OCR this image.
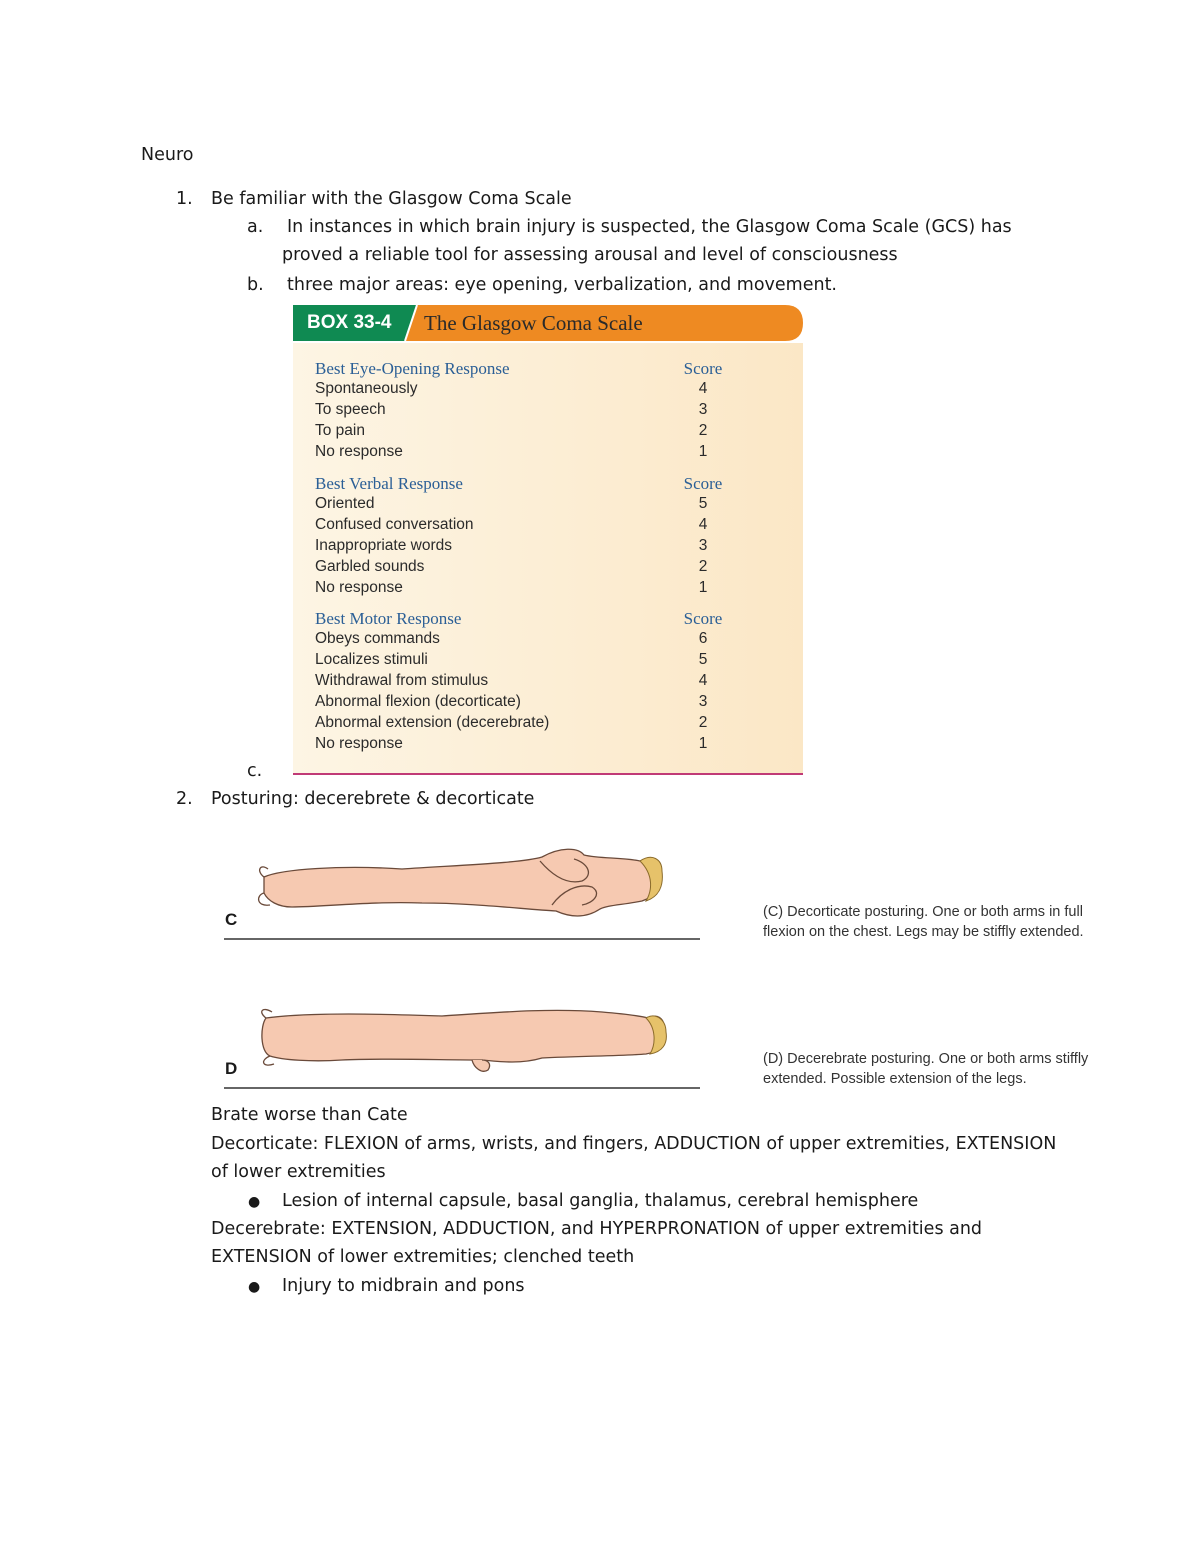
Neuro
1. Be familiar with the Glasgow Coma Scale
a. In instances in which brain injury is suspected, the Glasgow Coma Scale (GCS) has
proved a reliable tool for assessing arousal and level of consciousness
b. three major areas: eye opening, verbalization, and movement.
BOX 33-4 The Glasgow Coma Scale
Best Eye-Opening Response	Score
Spontaneously	4
To speech	3
To pain	2
No response	1
Best Verbal Response	Score
Oriented	5
Confused conversation	4
Inappropriate words	3
Garbled sounds	2
No response	1
Best Motor Response	Score
Obeys commands	6
Localizes stimuli	5
Withdrawal from stimulus	4
Abnormal flexion (decorticate)	3
Abnormal extension (decerebrate)	2
No response	1
c.
2. Posturing: decerebrete & decorticate
C	(C) Decorticate posturing. One or both arms in full
flexion on the chest. Legs may be stiffly extended.
D	(D) Decerebrate posturing. One or both arms stiffly
extended. Possible extension of the legs.
Brate worse than Cate
Decorticate: FLEXION of arms, wrists, and fingers, ADDUCTION of upper extremities, EXTENSION
of lower extremities
● Lesion of internal capsule, basal ganglia, thalamus, cerebral hemisphere
Decerebrate: EXTENSION, ADDUCTION, and HYPERPRONATION of upper extremities and
EXTENSION of lower extremities; clenched teeth
● Injury to midbrain and pons
